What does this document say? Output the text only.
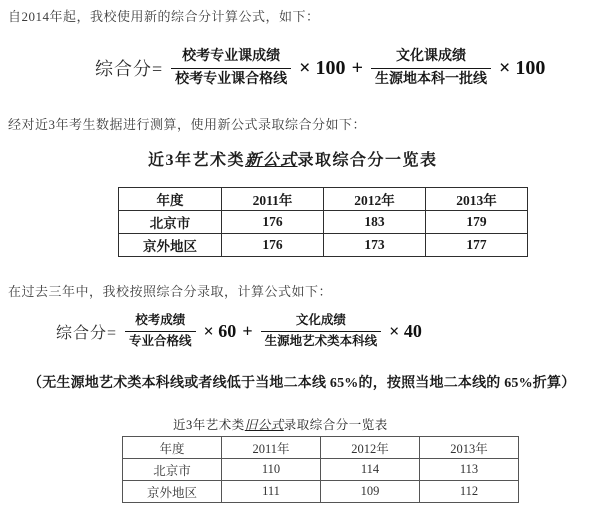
自2014年起，我校使用新的综合分计算公式，如下：

综合分= $\frac{\text{校考专业课成绩}}{\text{校考专业课合格线}} \times 100 + \frac{\text{文化课成绩}}{\text{生源地本科一批线}} \times 100$

经对近3年考生数据进行测算，使用新公式录取综合分如下：

近3年艺术类新公式录取综合分一览表
年度	2011年	2012年	2013年
北京市	176	183	179
京外地区	176	173	177

在过去三年中，我校按照综合分录取，计算公式如下：

综合分= $\frac{\text{校考成绩}}{\text{专业合格线}} \times 60 + \frac{\text{文化成绩}}{\text{生源地艺术类本科线}} \times 40$

（无生源地艺术类本科线或者线低于当地二本线 65%的，按照当地二本线的 65%折算）

近3年艺术类旧公式录取综合分一览表
年度	2011年	2012年	2013年
北京市	110	114	113
京外地区	111	109	112
